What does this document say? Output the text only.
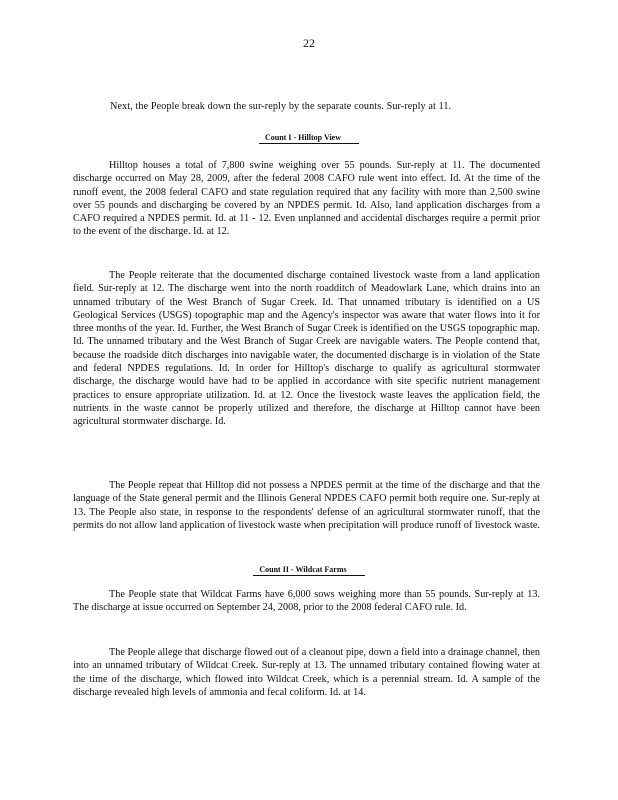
22
Next, the People break down the sur-reply by the separate counts. Sur-reply at 11.
Count I - Hilltop View

Hilltop houses a total of 7,800 swine weighing over 55 pounds. Sur-reply at 11. The documented discharge occurred on May 28, 2009, after the federal 2008 CAFO rule went into effect. Id. At the time of the runoff event, the 2008 federal CAFO and state regulation required that any facility with more than 2,500 swine over 55 pounds and discharging be covered by an NPDES permit. Id. Also, land application discharges from a CAFO required a NPDES permit. Id. at 11 - 12. Even unplanned and accidental discharges require a permit prior to the event of the discharge. Id. at 12.

The People reiterate that the documented discharge contained livestock waste from a land application field. Sur-reply at 12. The discharge went into the north roadditch of Meadowlark Lane, which drains into an unnamed tributary of the West Branch of Sugar Creek. Id. That unnamed tributary is identified on a US Geological Services (USGS) topographic map and the Agency's inspector was aware that water flows into it for three months of the year. Id. Further, the West Branch of Sugar Creek is identified on the USGS topographic map. Id. The unnamed tributary and the West Branch of Sugar Creek are navigable waters. The People contend that, because the roadside ditch discharges into navigable water, the documented discharge is in violation of the State and federal NPDES regulations. Id. In order for Hilltop's discharge to qualify as agricultural stormwater discharge, the discharge would have had to be applied in accordance with site specific nutrient management practices to ensure appropriate utilization. Id. at 12. Once the livestock waste leaves the application field, the nutrients in the waste cannot be properly utilized and therefore, the discharge at Hilltop cannot have been agricultural stormwater discharge. Id.

The People repeat that Hilltop did not possess a NPDES permit at the time of the discharge and that the language of the State general permit and the Illinois General NPDES CAFO permit both require one. Sur-reply at 13. The People also state, in response to the respondents' defense of an agricultural stormwater runoff, that the permits do not allow land application of livestock waste when precipitation will produce runoff of livestock waste.

Count II - Wildcat Farms

The People state that Wildcat Farms have 6,000 sows weighing more than 55 pounds. Sur-reply at 13. The discharge at issue occurred on September 24, 2008, prior to the 2008 federal CAFO rule. Id.

The People allege that discharge flowed out of a cleanout pipe, down a field into a drainage channel, then into an unnamed tributary of Wildcat Creek. Sur-reply at 13. The unnamed tributary contained flowing water at the time of the discharge, which flowed into Wildcat Creek, which is a perennial stream. Id. A sample of the discharge revealed high levels of ammonia and fecal coliform. Id. at 14.
